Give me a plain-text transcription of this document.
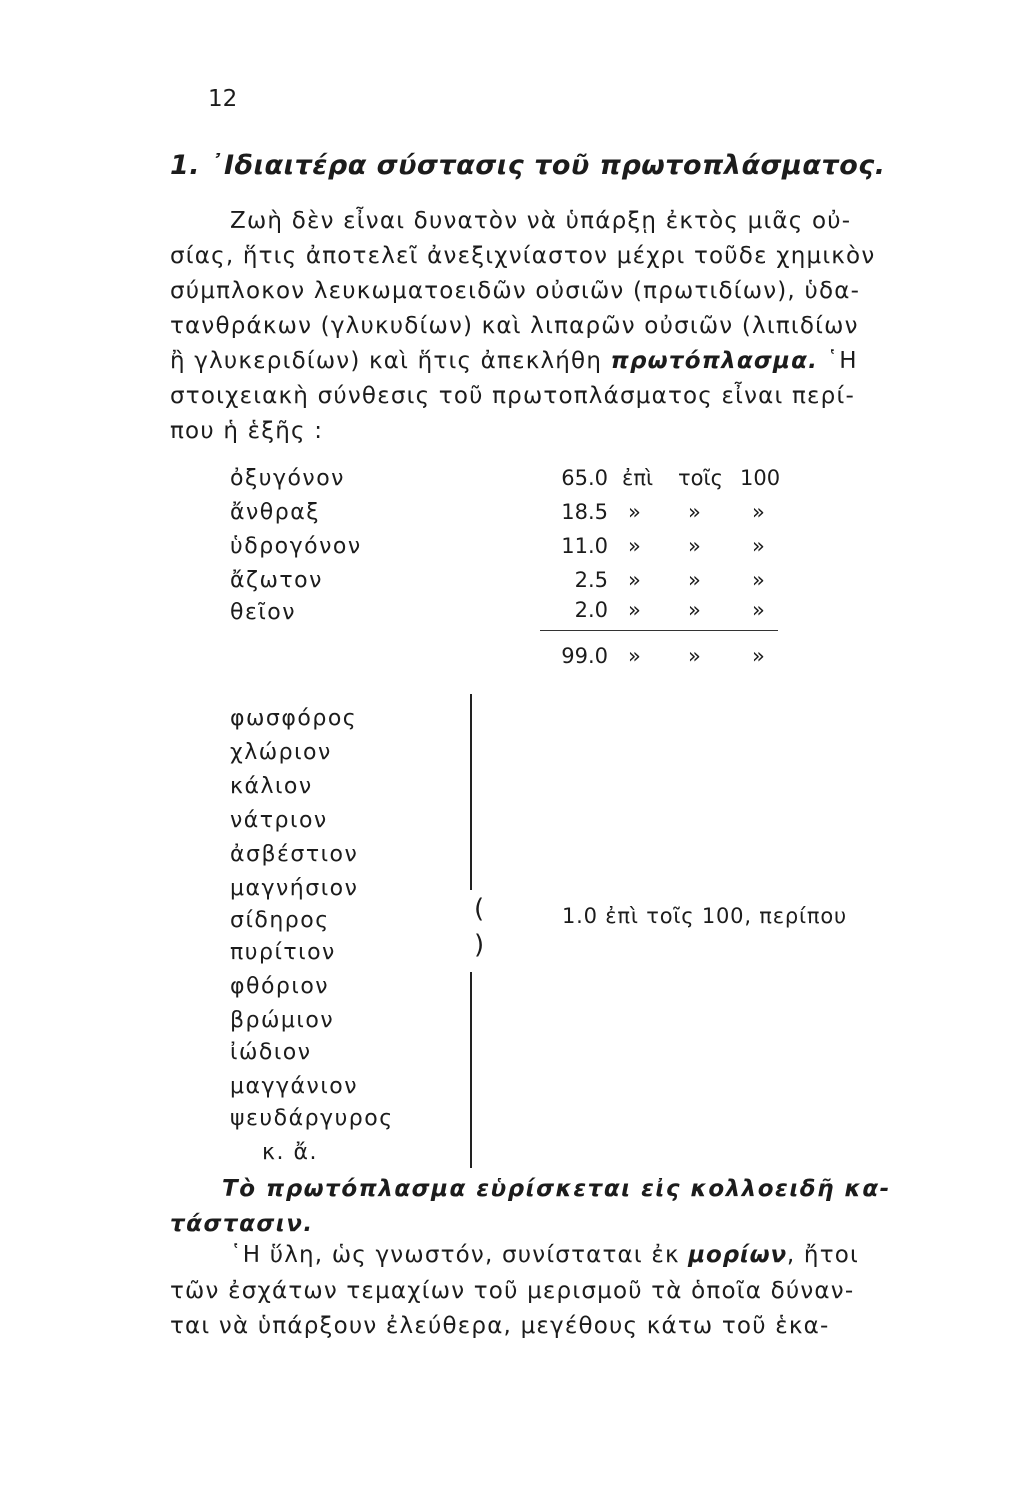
12
1. ᾽Ιδιαιτέρα σύστασις τοῦ πρωτοπλάσματος.
Ζωὴ δὲν εἶναι δυνατὸν νὰ ὑπάρξῃ ἐκτὸς μιᾶς οὐ-
σίας, ἥτις ἀποτελεῖ ἀνεξιχνίαστον μέχρι τοῦδε χημικὸν
σύμπλοκον λευκωματοειδῶν οὐσιῶν (πρωτιδίων), ὑδα-
τανθράκων (γλυκυδίων) καὶ λιπαρῶν οὐσιῶν (λιπιδίων
ἢ γλυκεριδίων) καὶ ἥτις ἀπεκλήθη πρωτόπλασμα. ῾Η
στοιχειακὴ σύνθεσις τοῦ πρωτοπλάσματος εἶναι περί-
που ἡ ἑξῆς :
ὀξυγόνον	65.0 ἐπὶ τοῖς 100
ἄνθραξ	18.5 » » »
ὑδρογόνον	11.0 » » »
ἄζωτον	2.5 » » »
θεῖον	2.0 » » »
99.0 » » »
φωσφόρος
χλώριον
κάλιον
νάτριον
ἀσβέστιον
μαγνήσιον
σίδηρος
πυρίτιον
φθόριον
βρώμιον
ἰώδιον
μαγγάνιον
ψευδάργυρος
κ. ἄ.
(
)
1.0 ἐπὶ τοῖς 100, περίπου
Τὸ πρωτόπλασμα εὑρίσκεται εἰς κολλοειδῆ κα-
τάστασιν.
῾Η ὕλη, ὡς γνωστόν, συνίσταται ἐκ μορίων, ἤτοι
τῶν ἐσχάτων τεμαχίων τοῦ μερισμοῦ τὰ ὁποῖα δύναν-
ται νὰ ὑπάρξουν ἐλεύθερα, μεγέθους κάτω τοῦ ἑκα-
